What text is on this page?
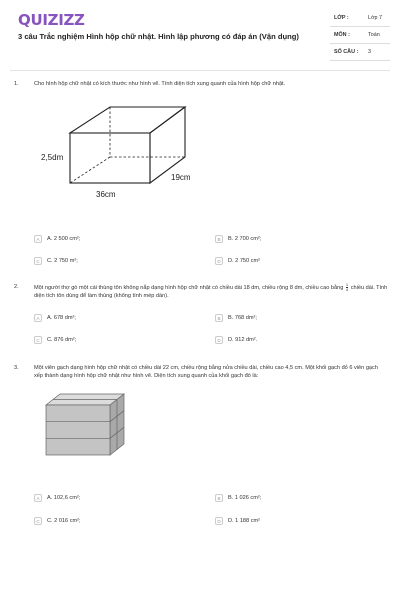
QUIZIZZ
3 câu Trắc nghiệm Hình hộp chữ nhật. Hình lập phương có đáp án (Vận dụng)
LỚP :	Lớp 7
MÔN :	Toán
SỐ CÂU : 3
1.	Cho hình hộp chữ nhật có kích thước như hình vẽ. Tính diện tích xung quanh của hình hộp chữ nhật.
2,5dm
19cm
36cm
A	A. 2 500 cm²;	B	B. 2 700 cm²;
C	C. 2 750 m²;	D	D. 2 750 cm²
2.	Một người thợ gò một cái thùng tôn không nắp dạng hình hộp chữ nhật có chiều dài 18 dm, chiều rộng 8 dm, chiều cao bằng $\frac{1}{4}$ chiều dài. Tính diện tích tôn dùng để làm thùng (không tính mép dán).
A	A. 678 dm²;	B	B. 768 dm²;
C	C. 876 dm²;	D	D. 912 dm².
3.	Một viên gạch dạng hình hộp chữ nhật có chiều dài 22 cm, chiều rộng bằng nửa chiều dài, chiều cao 4,5 cm. Một khối gạch đỏ 6 viên gạch xếp thành dạng hình hộp chữ nhật như hình vẽ. Diện tích xung quanh của khối gạch đó là:
A	A. 102,6 cm²;	B	B. 1 026 cm²;
C	C. 2 016 cm²;	D	D. 1 188 cm²
